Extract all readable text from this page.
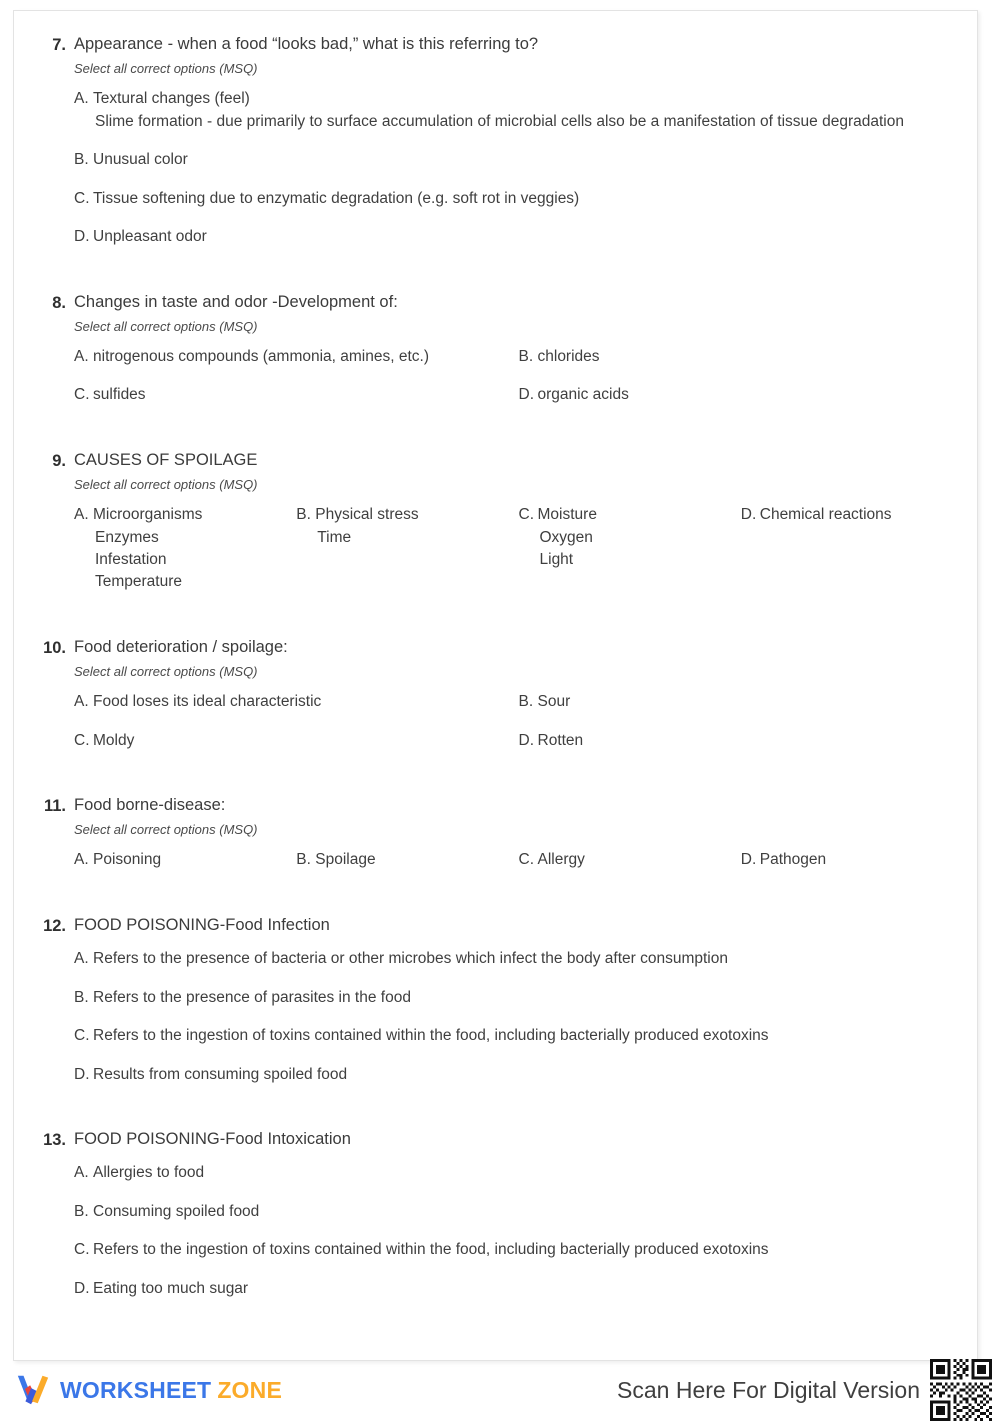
7. Appearance - when a food “looks bad,” what is this referring to?
Select all correct options (MSQ)
A. Textural changes (feel)
Slime formation - due primarily to surface accumulation of microbial cells also be a manifestation of tissue degradation
B. Unusual color
C. Tissue softening due to enzymatic degradation (e.g. soft rot in veggies)
D. Unpleasant odor
8. Changes in taste and odor -Development of:
Select all correct options (MSQ)
A. nitrogenous compounds (ammonia, amines, etc.)	B. chlorides
C. sulfides	D. organic acids
9. CAUSES OF SPOILAGE
Select all correct options (MSQ)
A. Microorganisms
Enzymes
Infestation
Temperature
B. Physical stress
Time
C. Moisture
Oxygen
Light
D. Chemical reactions
10. Food deterioration / spoilage:
Select all correct options (MSQ)
A. Food loses its ideal characteristic	B. Sour
C. Moldy	D. Rotten
11. Food borne-disease:
Select all correct options (MSQ)
A. Poisoning	B. Spoilage	C. Allergy	D. Pathogen
12. FOOD POISONING-Food Infection
A. Refers to the presence of bacteria or other microbes which infect the body after consumption
B. Refers to the presence of parasites in the food
C. Refers to the ingestion of toxins contained within the food, including bacterially produced exotoxins
D. Results from consuming spoiled food
13. FOOD POISONING-Food Intoxication
A. Allergies to food
B. Consuming spoiled food
C. Refers to the ingestion of toxins contained within the food, including bacterially produced exotoxins
D. Eating too much sugar
WORKSHEET ZONE	Scan Here For Digital Version
